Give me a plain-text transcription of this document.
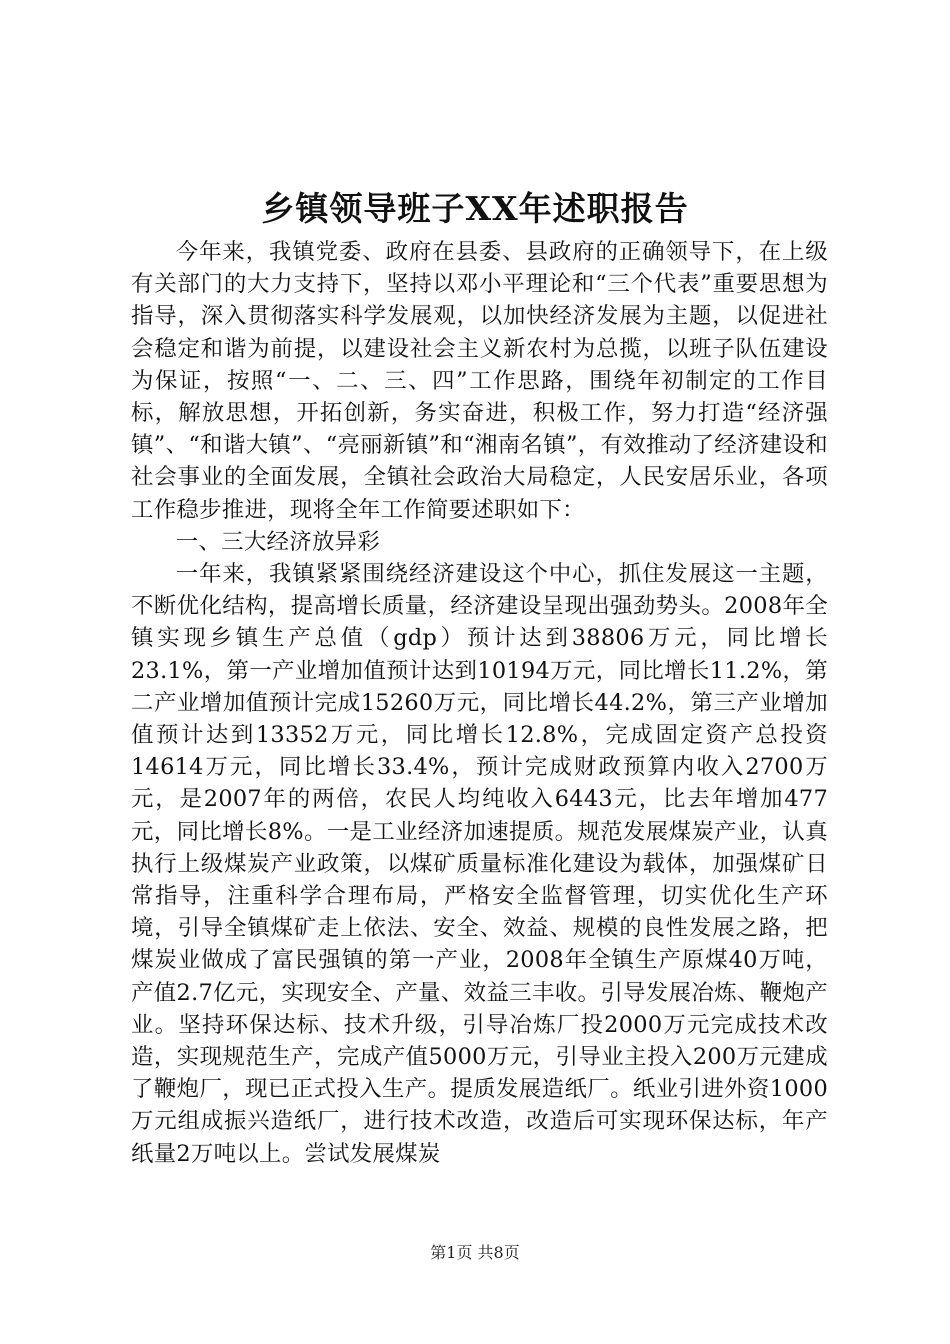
乡镇领导班子XX年述职报告

今年来，我镇党委、政府在县委、县政府的正确领导下，在上级有关部门的大力支持下，坚持以邓小平理论和“三个代表”重要思想为指导，深入贯彻落实科学发展观，以加快经济发展为主题，以促进社会稳定和谐为前提，以建设社会主义新农村为总揽，以班子队伍建设为保证，按照“一、二、三、四”工作思路，围绕年初制定的工作目标，解放思想，开拓创新，务实奋进，积极工作，努力打造“经济强镇”、“和谐大镇”、“亮丽新镇”和“湘南名镇”，有效推动了经济建设和社会事业的全面发展，全镇社会政治大局稳定，人民安居乐业，各项工作稳步推进，现将全年工作简要述职如下：

一、三大经济放异彩

一年来，我镇紧紧围绕经济建设这个中心，抓住发展这一主题，不断优化结构，提高增长质量，经济建设呈现出强劲势头。2008年全镇实现乡镇生产总值（gdp）预计达到38806万元，同比增长23.1%，第一产业增加值预计达到10194万元，同比增长11.2%，第二产业增加值预计完成15260万元，同比增长44.2%，第三产业增加值预计达到13352万元，同比增长12.8%，完成固定资产总投资14614万元，同比增长33.4%，预计完成财政预算内收入2700万元，是2007年的两倍，农民人均纯收入6443元，比去年增加477元，同比增长8%。一是工业经济加速提质。规范发展煤炭产业，认真执行上级煤炭产业政策，以煤矿质量标准化建设为载体，加强煤矿日常指导，注重科学合理布局，严格安全监督管理，切实优化生产环境，引导全镇煤矿走上依法、安全、效益、规模的良性发展之路，把煤炭业做成了富民强镇的第一产业，2008年全镇生产原煤40万吨，产值2.7亿元，实现安全、产量、效益三丰收。引导发展冶炼、鞭炮产业。坚持环保达标、技术升级，引导冶炼厂投2000万元完成技术改造，实现规范生产，完成产值5000万元，引导业主投入200万元建成了鞭炮厂，现已正式投入生产。提质发展造纸厂。纸业引进外资1000万元组成振兴造纸厂，进行技术改造，改造后可实现环保达标，年产纸量2万吨以上。尝试发展煤炭

第1页 共8页
